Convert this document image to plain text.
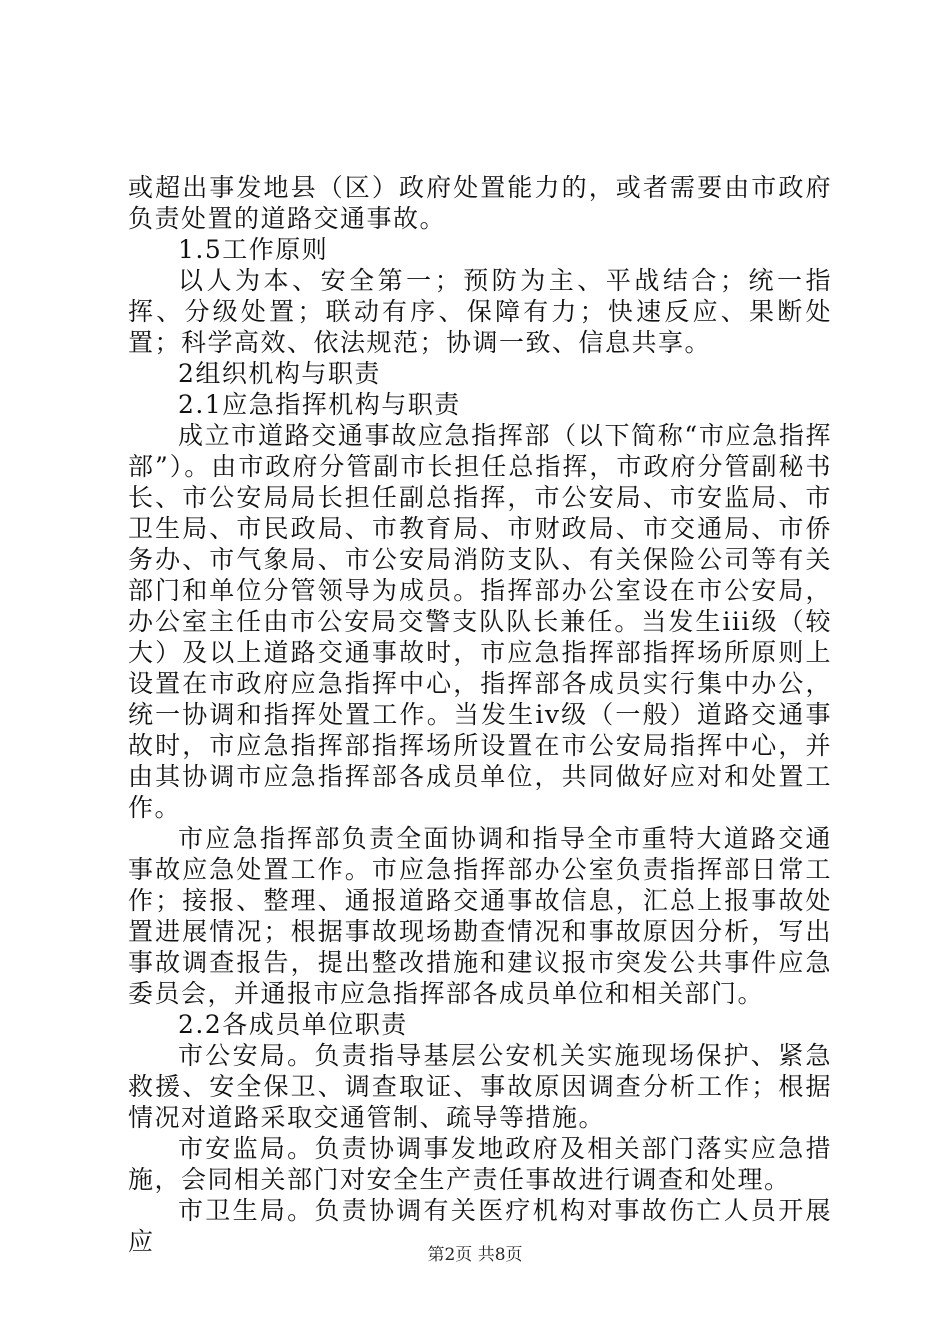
或超出事发地县（区）政府处置能力的，或者需要由市政府负责处置的道路交通事故。

1.5工作原则

以人为本、安全第一；预防为主、平战结合；统一指挥、分级处置；联动有序、保障有力；快速反应、果断处置；科学高效、依法规范；协调一致、信息共享。

2组织机构与职责

2.1应急指挥机构与职责

成立市道路交通事故应急指挥部（以下简称“市应急指挥部”）。由市政府分管副市长担任总指挥，市政府分管副秘书长、市公安局局长担任副总指挥，市公安局、市安监局、市卫生局、市民政局、市教育局、市财政局、市交通局、市侨务办、市气象局、市公安局消防支队、有关保险公司等有关部门和单位分管领导为成员。指挥部办公室设在市公安局，办公室主任由市公安局交警支队队长兼任。当发生iii级（较大）及以上道路交通事故时，市应急指挥部指挥场所原则上设置在市政府应急指挥中心，指挥部各成员实行集中办公，统一协调和指挥处置工作。当发生iv级（一般）道路交通事故时，市应急指挥部指挥场所设置在市公安局指挥中心，并由其协调市应急指挥部各成员单位，共同做好应对和处置工作。

市应急指挥部负责全面协调和指导全市重特大道路交通事故应急处置工作。市应急指挥部办公室负责指挥部日常工作；接报、整理、通报道路交通事故信息，汇总上报事故处置进展情况；根据事故现场勘查情况和事故原因分析，写出事故调查报告，提出整改措施和建议报市突发公共事件应急委员会，并通报市应急指挥部各成员单位和相关部门。

2.2各成员单位职责

市公安局。负责指导基层公安机关实施现场保护、紧急救援、安全保卫、调查取证、事故原因调查分析工作；根据情况对道路采取交通管制、疏导等措施。

市安监局。负责协调事发地政府及相关部门落实应急措施，会同相关部门对安全生产责任事故进行调查和处理。

市卫生局。负责协调有关医疗机构对事故伤亡人员开展应	第2页 共8页
